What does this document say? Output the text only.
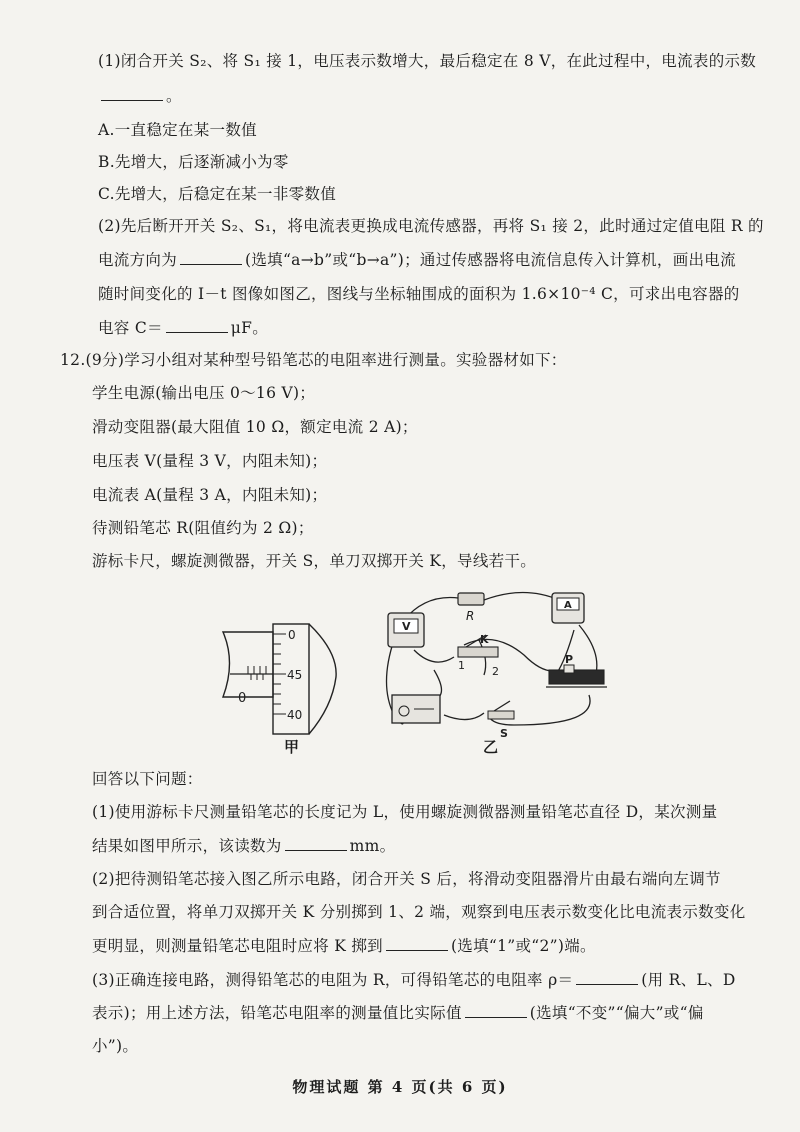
(1)闭合开关 S₂、将 S₁ 接 1，电压表示数增大，最后稳定在 8 V，在此过程中，电流表的示数
。
A.一直稳定在某一数值
B.先增大，后逐渐减小为零
C.先增大，后稳定在某一非零数值
(2)先后断开开关 S₂、S₁，将电流表更换成电流传感器，再将 S₁ 接 2，此时通过定值电阻 R 的
电流方向为	(选填“a→b”或“b→a”)；通过传感器将电流信息传入计算机，画出电流
随时间变化的 I－t 图像如图乙，图线与坐标轴围成的面积为 1.6×10⁻⁴ C，可求出电容器的
电容 C＝	μF。
12.(9分)学习小组对某种型号铅笔芯的电阻率进行测量。实验器材如下：
学生电源(输出电压 0～16 V)；
滑动变阻器(最大阻值 10 Ω，额定电流 2 A)；
电压表 V(量程 3 V，内阻未知)；
电流表 A(量程 3 A，内阻未知)；
待测铅笔芯 R(阻值约为 2 Ω)；
游标卡尺，螺旋测微器，开关 S，单刀双掷开关 K，导线若干。
0
0
45
40
甲
V
A
R
K
1 2
P
S
乙
回答以下问题：
(1)使用游标卡尺测量铅笔芯的长度记为 L，使用螺旋测微器测量铅笔芯直径 D，某次测量
结果如图甲所示，该读数为	mm。
(2)把待测铅笔芯接入图乙所示电路，闭合开关 S 后，将滑动变阻器滑片由最右端向左调节
到合适位置，将单刀双掷开关 K 分别掷到 1、2 端，观察到电压表示数变化比电流表示数变化
更明显，则测量铅笔芯电阻时应将 K 掷到	(选填“1”或“2”)端。
(3)正确连接电路，测得铅笔芯的电阻为 R，可得铅笔芯的电阻率 ρ＝	(用 R、L、D
表示)；用上述方法，铅笔芯电阻率的测量值比实际值	(选填“不变”“偏大”或“偏
小”)。
物理试题 第 4 页(共 6 页)
